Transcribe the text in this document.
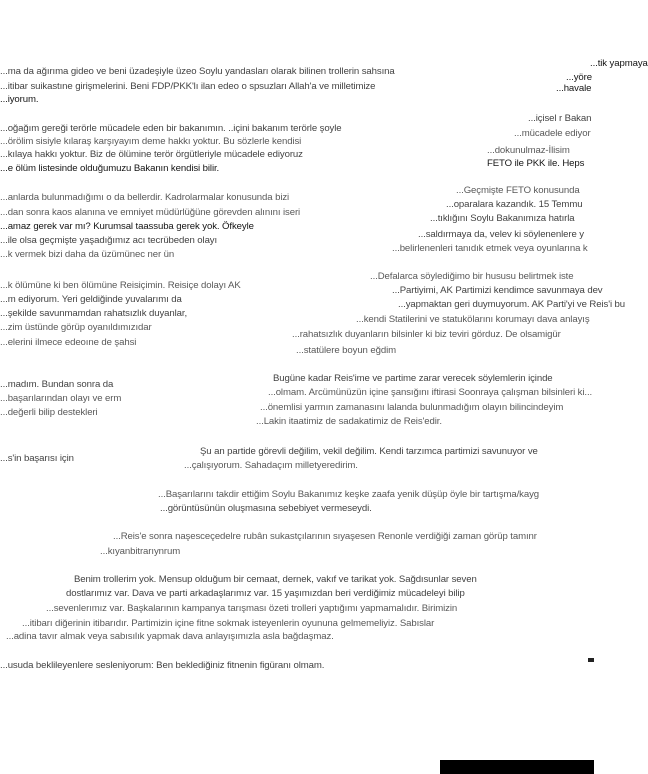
...ma da ağırıma gideo ve beni üzadeşiyle üzeo Soylu yandasları olarak bilinen trollerin sahsına
...itibar suikastıne girişmelerini. Beni FDP/PKK'lı ilan edeo o spsuzları Allah'a ve milletimize
...iyorum.
...oğağım gereği terörle mücadele eden bir bakanımın. ..içini bakanım terörle şoyle
...örölim sisiyle kılaraş karşıyayım deme hakkı yoktur. Bu sözlerle kendisi
...kılaya hakkı yoktur. Biz de ölümine terör örgütleriyle mücadele ediyoruz
...e ölüm listesinde olduğumuzu Bakanın kendisi bilir.
...anlarda bulunmadığımı o da bellerdir. Kadrolarmalar konusunda bizi
...dan sonra kaos alanına ve emniyet müdürlüğüne görevden alınını iseri
...amaz gerek var mı? Kurumsal taassuba gerek yok. Öfkeyle
...ile olsa geçmişte yaşadığımız acı tecrübeden olayı
...k vermek bizi daha da üzümünec ner ün
...k ölümüne ki ben ölümüne Reisiçimin. Reisiçe dolayı AK
...m ediyorum. Yeri geldiğinde yuvalarımı da
...şekilde savunmamdan rahatsızlık duyanlar,
...zim üstünde görüp oyanıldımızıdar
...elerini ilmece edeoıne de şahsi
...madım. Bundan sonra da
...başarılarından olayı ve erm
...değerli bilip destekleri
...s'in başarısı için
...tik yapmaya
...yöre
...havale
...içisel r Bakan
...mücadele ediyor
...dokunulmaz-İlisim
FETO ile PKK ile. Heps
...Geçmişte FETO konusunda
...oparalara kazandık. 15 Temmu
...tıklığını Soylu Bakanımıza hatırla
...saldırmaya da, velev ki söylenenlere y
...belirlenenleri tanıdık etmek veya oyunlarına k
...Defalarca söylediğimo bir hususu belirtmek iste
...Partiyimi, AK Partimizi kendimce savunmaya dev
...yapmaktan geri duymuyorum. AK Parti'yi ve Reis'i bu
...kendi Statilerini ve statukölarını korumayı dava anlayış
...rahatsızlık duyanların bilsinler ki biz teviri görduz. De olsamigür
...statülere boyun eğdim
Bugüne kadar Reis'ime ve partime zarar verecek söylemlerin içinde
...olmam. Arcümünüzün içine şansığını iftirasi Soonraya çalışman bilsinleri ki...
...önemlisi yarmın zamanasını lalanda bulunmadığım olayın bilincindeyim
...Lakin itaatimiz de sadakatimiz de Reis'edir.
Şu an partide görevli değilim, vekil değilim. Kendi tarzımca partimizi savunuyor ve
...çalışıyorum. Sahadaçım milletyeredirim.
...Başarılarını takdir ettiğim Soylu Bakanımız keşke zaafa yenik düşüp öyle bir tartışma/kayg
...görüntüsünün oluşmasına sebebiyet vermeseydi.
...Reis'e sonra naşesceçedelre rubân sukastçılarının sıyaşesen Renonle verdiğiği zaman görüp tamınr
...kıyanbitrarıynrum
Benim trollerim yok. Mensup olduğum bir cemaat, dernek, vakıf ve tarikat yok. Sağdısunlar seven
dostlarımız var. Dava ve parti arkadaşlarımız var. 15 yaşımızdan beri verdiğimiz mücadeleyi bilip
...sevenlerımız var. Başkalarının kampanya tarışması özeti trolleri yaptığımı yapmamalıdır. Birimizin
...itibarı diğerinin itibarıdır. Partimizin içine fitne sokmak isteyenlerin oyununa gelmemeliyiz. Sabıslar
...adina tavır almak veya sabısılık yapmak dava anlayışımızla asla bağdaşmaz.
...usuda beklileyenlere sesleniyorum: Ben beklediğiniz fitnenin figüranı olmam.
